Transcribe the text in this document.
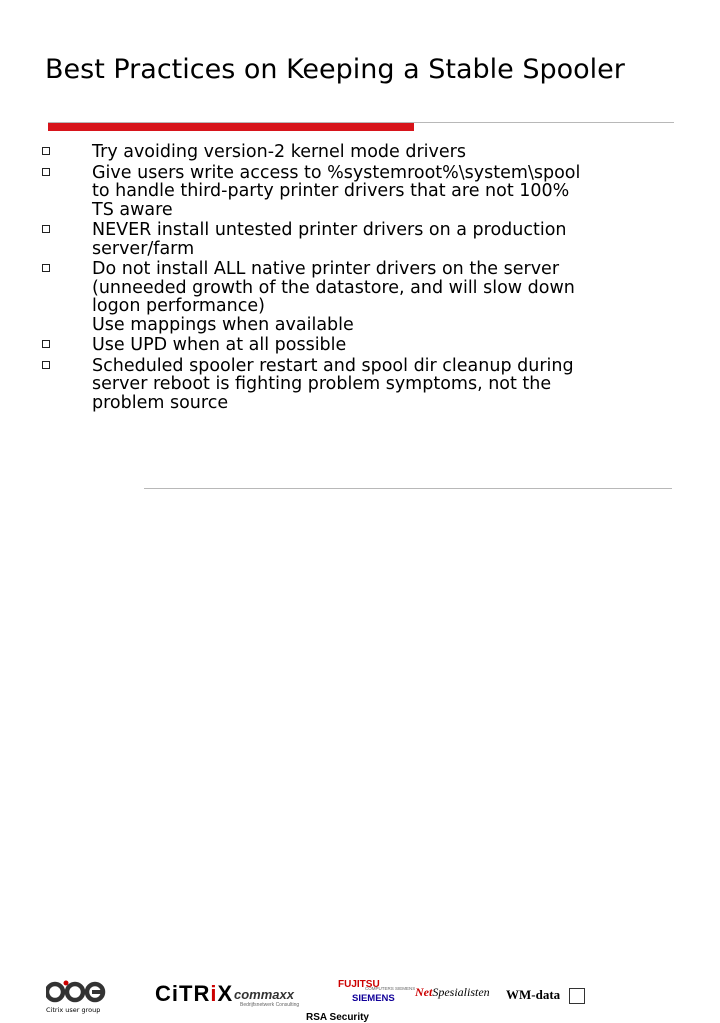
Best Practices on Keeping a Stable Spooler
Try avoiding version-2 kernel mode drivers
Give users write access to %systemroot%\system\spool
to handle third-party printer drivers that are not 100%
TS aware
NEVER install untested printer drivers on a production
server/farm
Do not install ALL native printer drivers on the server
(unneeded growth of the datastore, and will slow down
logon performance)
Use mappings when available
Use UPD when at all possible
Scheduled spooler restart and spool dir cleanup during
server reboot is fighting problem symptoms, not the
problem source
Citrix user group
CiTRiX commaxx
Bedrijfsnetwerk Consulting
FUJITSU
COMPUTERS SIEMENS
SIEMENS NetSpesialisten WM-data
RSA Security
